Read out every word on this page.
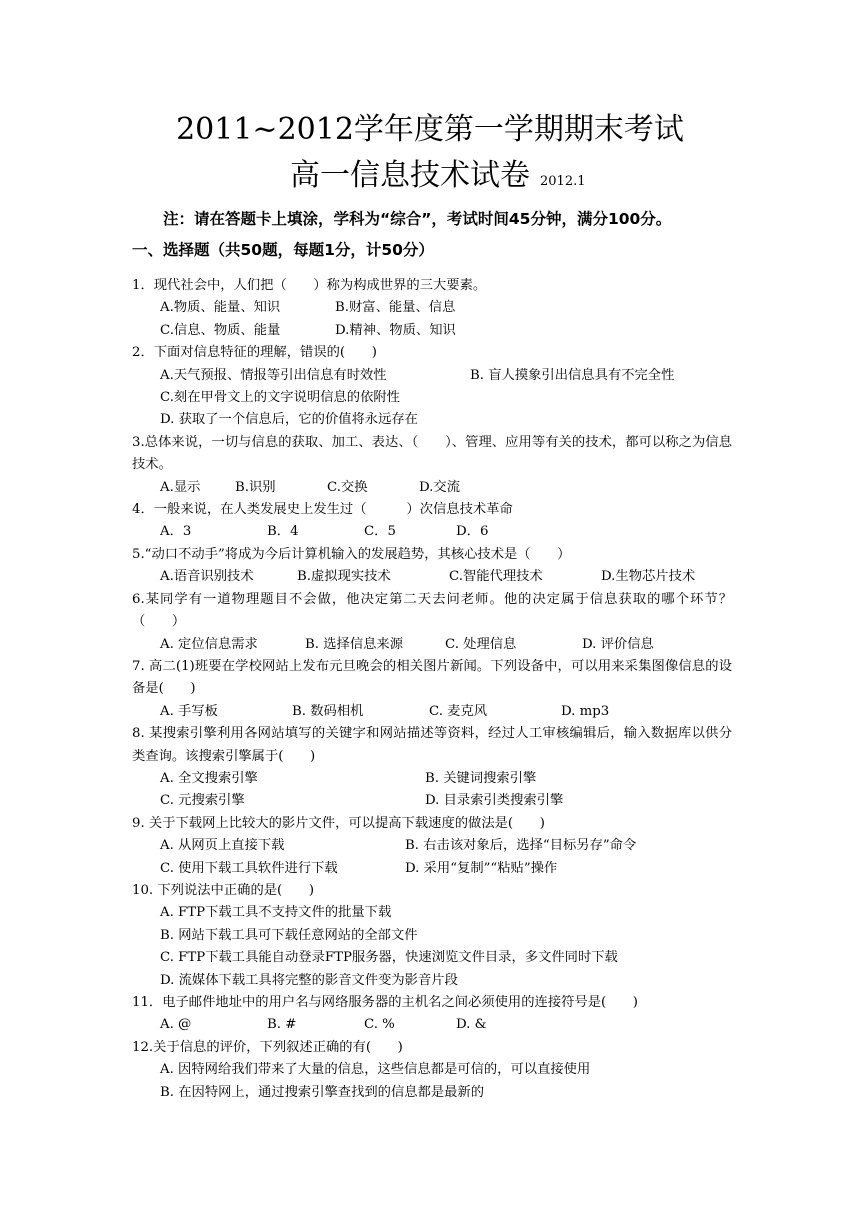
2011~2012学年度第一学期期末考试
高一信息技术试卷 2012.1
注：请在答题卡上填涂，学科为“综合”，考试时间45分钟，满分100分。
一、选择题（共50题，每题1分，计50分）
1．现代社会中，人们把（　　）称为构成世界的三大要素。
A.物质、能量、知识	B.财富、能量、信息
C.信息、物质、能量	D.精神、物质、知识
2．下面对信息特征的理解，错误的(　　)
A.天气预报、情报等引出信息有时效性	B. 盲人摸象引出信息具有不完全性
C.刻在甲骨文上的文字说明信息的依附性
D. 获取了一个信息后，它的价值将永远存在
3.总体来说，一切与信息的获取、加工、表达、（　　）、管理、应用等有关的技术，都可以称之为信息技术。
A.显示	B.识别	C.交换	D.交流
4．一般来说，在人类发展史上发生过（　　　）次信息技术革命
A．3	B．4	C．5	D．6
5.“动口不动手”将成为今后计算机输入的发展趋势，其核心技术是（　　）
A.语音识别技术	B.虚拟现实技术	C.智能代理技术	D.生物芯片技术
6.某同学有一道物理题目不会做，他决定第二天去问老师。他的决定属于信息获取的哪个环节？（　　）
A. 定位信息需求	B. 选择信息来源	C. 处理信息	D. 评价信息
7. 高二(1)班要在学校网站上发布元旦晚会的相关图片新闻。下列设备中，可以用来采集图像信息的设备是(　　)
A. 手写板	B. 数码相机	C. 麦克风	D. mp3
8. 某搜索引擎利用各网站填写的关键字和网站描述等资料，经过人工审核编辑后，输入数据库以供分类查询。该搜索引擎属于(　　)
A. 全文搜索引擎	B. 关键词搜索引擎
C. 元搜索引擎	D. 目录索引类搜索引擎
9. 关于下载网上比较大的影片文件，可以提高下载速度的做法是(　　)
A. 从网页上直接下载	B. 右击该对象后，选择“目标另存”命令
C. 使用下载工具软件进行下载	D. 采用“复制”“粘贴”操作
10. 下列说法中正确的是(　　)
A. FTP下载工具不支持文件的批量下载
B. 网站下载工具可下载任意网站的全部文件
C. FTP下载工具能自动登录FTP服务器，快速浏览文件目录，多文件同时下载
D. 流媒体下载工具将完整的影音文件变为影音片段
11．电子邮件地址中的用户名与网络服务器的主机名之间必须使用的连接符号是(　　)
A. @	B. #	C. %	D. &
12.关于信息的评价，下列叙述正确的有(　　)
A. 因特网给我们带来了大量的信息，这些信息都是可信的，可以直接使用
B. 在因特网上，通过搜索引擎查找到的信息都是最新的
